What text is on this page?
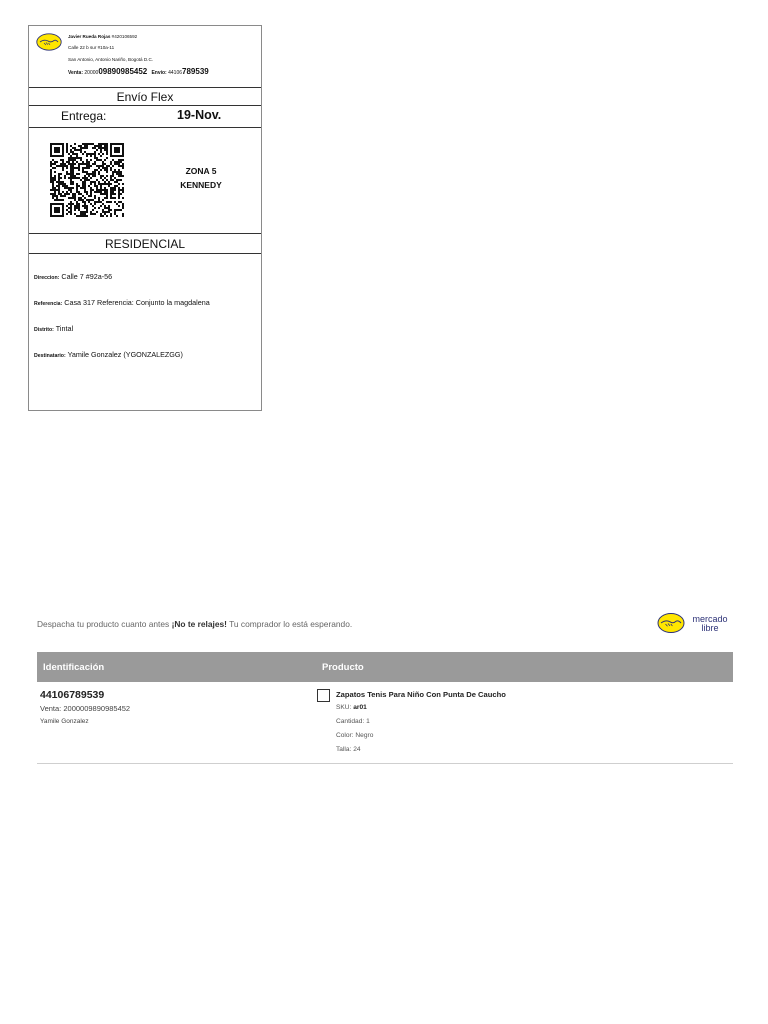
Javier Rueda Rojas #420106592
Calle 22 b sur #10a-11
San Antonio, Antonio Nariño, Bogotá D.C.
Venta: 2000009890985452 Envío: 44106789539
Envío Flex
Entrega:	19-Nov.
ZONA 5
KENNEDY
RESIDENCIAL
Direccion: Calle 7 #92a-56
Referencia: Casa 317 Referencia: Conjunto la magdalena
Distrito: Tintal
Destinatario: Yamile Gonzalez (YGONZALEZGG)
Despacha tu producto cuanto antes ¡No te relajes! Tu comprador lo está esperando.	mercado
libre
Identificación	Producto
44106789539
Venta: 2000009890985452
Yamile Gonzalez
Zapatos Tenis Para Niño Con Punta De Caucho
SKU: ar01
Cantidad: 1
Color: Negro
Talla: 24
